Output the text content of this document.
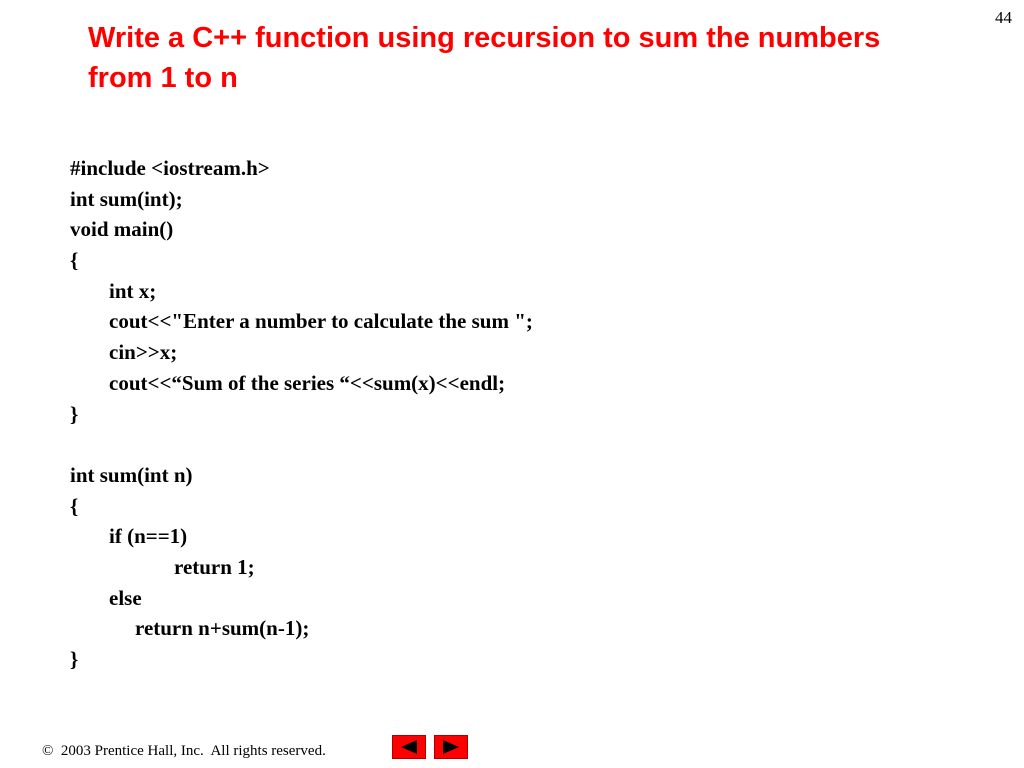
44
Write a C++ function using recursion to sum the numbers from 1 to n
#include <iostream.h>
int sum(int);
void main()
{
int x;
cout<<"Enter a number to calculate the sum ";
cin>>x;
cout<<“Sum of the series “<<sum(x)<<endl;
}
int sum(int n)
{
if (n==1)
return 1;
else
return n+sum(n-1);
}
©  2003 Prentice Hall, Inc.  All rights reserved.
